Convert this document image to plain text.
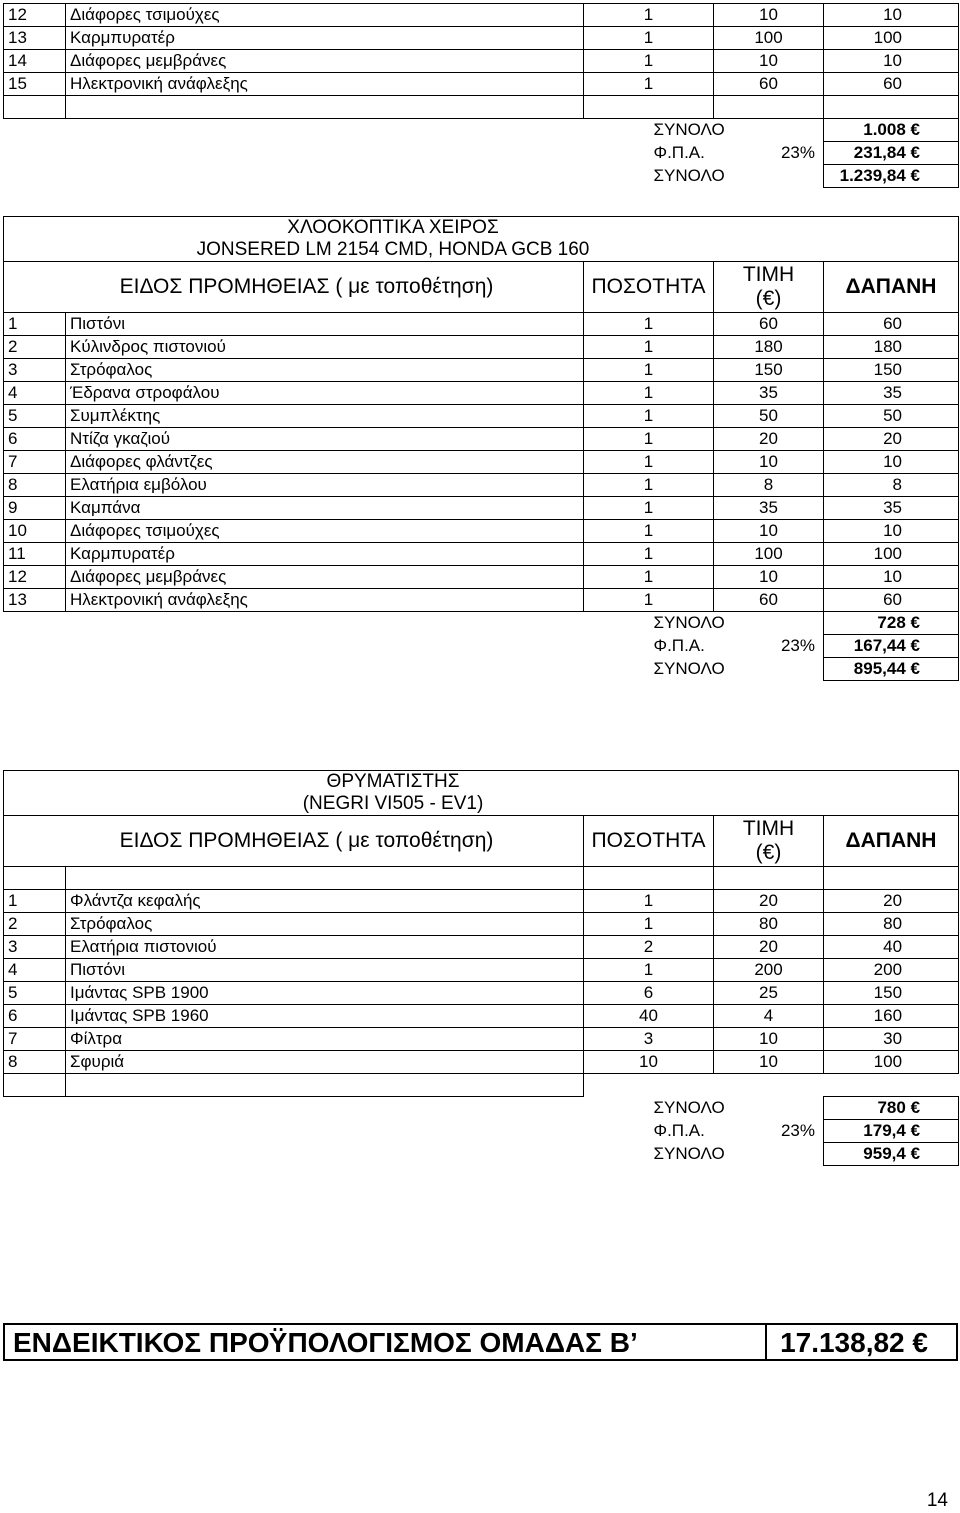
12	Διάφορες τσιμούχες	1	10	10
13	Καρμπυρατέρ	1	100	100
14	Διάφορες μεμβράνες	1	10	10
15	Ηλεκτρονική ανάφλεξης	1	60	60

		ΣΥΝΟΛΟ		1.008 €
		Φ.Π.Α.	23%	231,84 €
		ΣΥΝΟΛΟ		1.239,84 €
ΧΛΟΟΚΟΠΤΙΚΑ ΧΕΙΡΟΣ				
JONSERED LM 2154 CMD, HONDA GCB 160				
ΕΙΔΟΣ ΠΡΟΜΗΘΕΙΑΣ ( με τοποθέτηση)		ΠΟΣΟΤΗΤΑ	ΤΙΜΗ
(€)	ΔΑΠΑΝΗ
1	Πιστόνι	1	60	60
2	Κύλινδρος πιστονιού	1	180	180
3	Στρόφαλος	1	150	150
4	Έδρανα στροφάλου	1	35	35
5	Συμπλέκτης	1	50	50
6	Ντίζα γκαζιού	1	20	20
7	Διάφορες φλάντζες	1	10	10
8	Ελατήρια εμβόλου	1	8	8
9	Καμπάνα	1	35	35
10	Διάφορες τσιμούχες	1	10	10
11	Καρμπυρατέρ	1	100	100
12	Διάφορες μεμβράνες	1	10	10
13	Ηλεκτρονική ανάφλεξης	1	60	60
		ΣΥΝΟΛΟ		728 €
		Φ.Π.Α.	23%	167,44 €
		ΣΥΝΟΛΟ		895,44 €
ΘΡΥΜΑΤΙΣΤΗΣ				
(NEGRI VI505 - EV1)				
ΕΙΔΟΣ ΠΡΟΜΗΘΕΙΑΣ ( με τοποθέτηση)		ΠΟΣΟΤΗΤΑ	ΤΙΜΗ
(€)	ΔΑΠΑΝΗ

1	Φλάντζα κεφαλής	1	20	20
2	Στρόφαλος	1	80	80
3	Ελατήρια πιστονιού	2	20	40
4	Πιστόνι	1	200	200
5	Ιμάντας SPB 1900	6	25	150
6	Ιμάντας SPB 1960	40	4	160
7	Φίλτρα	3	10	30
8	Σφυριά	10	10	100

		ΣΥΝΟΛΟ		780 €
		Φ.Π.Α.	23%	179,4 €
		ΣΥΝΟΛΟ		959,4 €
ΕΝΔΕΙΚΤΙΚΟΣ ΠΡΟΫΠΟΛΟΓΙΣΜΟΣ ΟΜΑΔΑΣ Β’	17.138,82 €
14
